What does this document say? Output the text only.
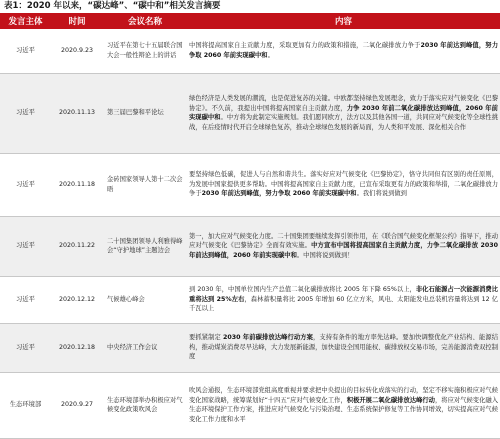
表1：2020 年以来，“碳达峰”、“碳中和”相关发言摘要
发言主体	时间	会议名称	内容
习近平	2020.9.23	习近平在第七十五届联合国大会一般性辩论上的讲话	中国将提高国家自主贡献力度，采取更加有力的政策和措施，二氧化碳排放力争于2030 年前达到峰值，努力争取 2060 年前实现碳中和。
习近平	2020.11.13	第三届巴黎和平论坛	绿色经济是人类发展的潮流，也是促进复苏的关键。中欧都坚持绿色发展理念，致力于落实应对气候变化《巴黎协定》。不久前，我提出中国将提高国家自主贡献力度，力争 2030 年前二氧化碳排放达到峰值，2060 年前实现碳中和。中方将为此制定实施规划。我们愿同欧方，法方以及其他各国一道，共同应对气候变化等全球性挑战，在后疫情时代开启全球绿色复苏，推动全球绿色发展的新局面，为人类和平发展、深化相关合作
习近平	2020.11.18	金砖国家领导人第十二次会晤	要坚持绿色低碳，促进人与自然和谐共生。落实好应对气候变化《巴黎协定》，恪守共同但有区别的责任原则，为发展中国家提供更多帮助。中国将提高国家自主贡献力度，已宣布采取更有力的政策和举措，二氧化碳排放力争于2030 年前达到峰值，努力争取 2060 年前实现碳中和。我们将说到做到
习近平	2020.11.22	二十国集团领导人利雅得峰会“守护地球”主题边会	第一，加大应对气候变化力度。二十国集团要继续发挥引领作用，在《联合国气候变化框架公约》指导下，推动应对气候变化《巴黎协定》全面有效实施。中方宣布中国将提高国家自主贡献力度，力争二氧化碳排放 2030 年前达到峰值，2060 年前实现碳中和。中国将说到做到！
习近平	2020.12.12	气候雄心峰会	到 2030 年，中国单位国内生产总值二氧化碳排放将比 2005 年下降 65%以上，非化石能源占一次能源消费比重将达到 25%左右，森林蓄积量将比 2005 年增加 60 亿立方米，风电、太阳能发电总装机容量将达到 12 亿千瓦以上
习近平	2020.12.18	中央经济工作会议	要抓紧制定 2030 年前碳排放达峰行动方案，支持有条件的地方率先达峰。要加快调整优化产业结构、能源结构，推动煤炭消费尽早达峰，大力发展新能源，加快建设全国用能权、碳排放权交易市场，完善能源消费双控制度
生态环境部	2020.9.27	生态环境部举办积极应对气候变化政策吹风会	吹风会通报，生态环境部党组高度重视并要求把中央提出的目标转化成落实的行动，坚定不移实施积极应对气候变化国家战略，统筹谋划好“十四五”应对气候变化工作，积极开展二氧化碳排放达峰行动，将应对气候变化融入生态环境保护工作方案，推进应对气候变化与污染治理、生态系统保护修复等工作协同增效，切实提高应对气候变化工作力度和水平
